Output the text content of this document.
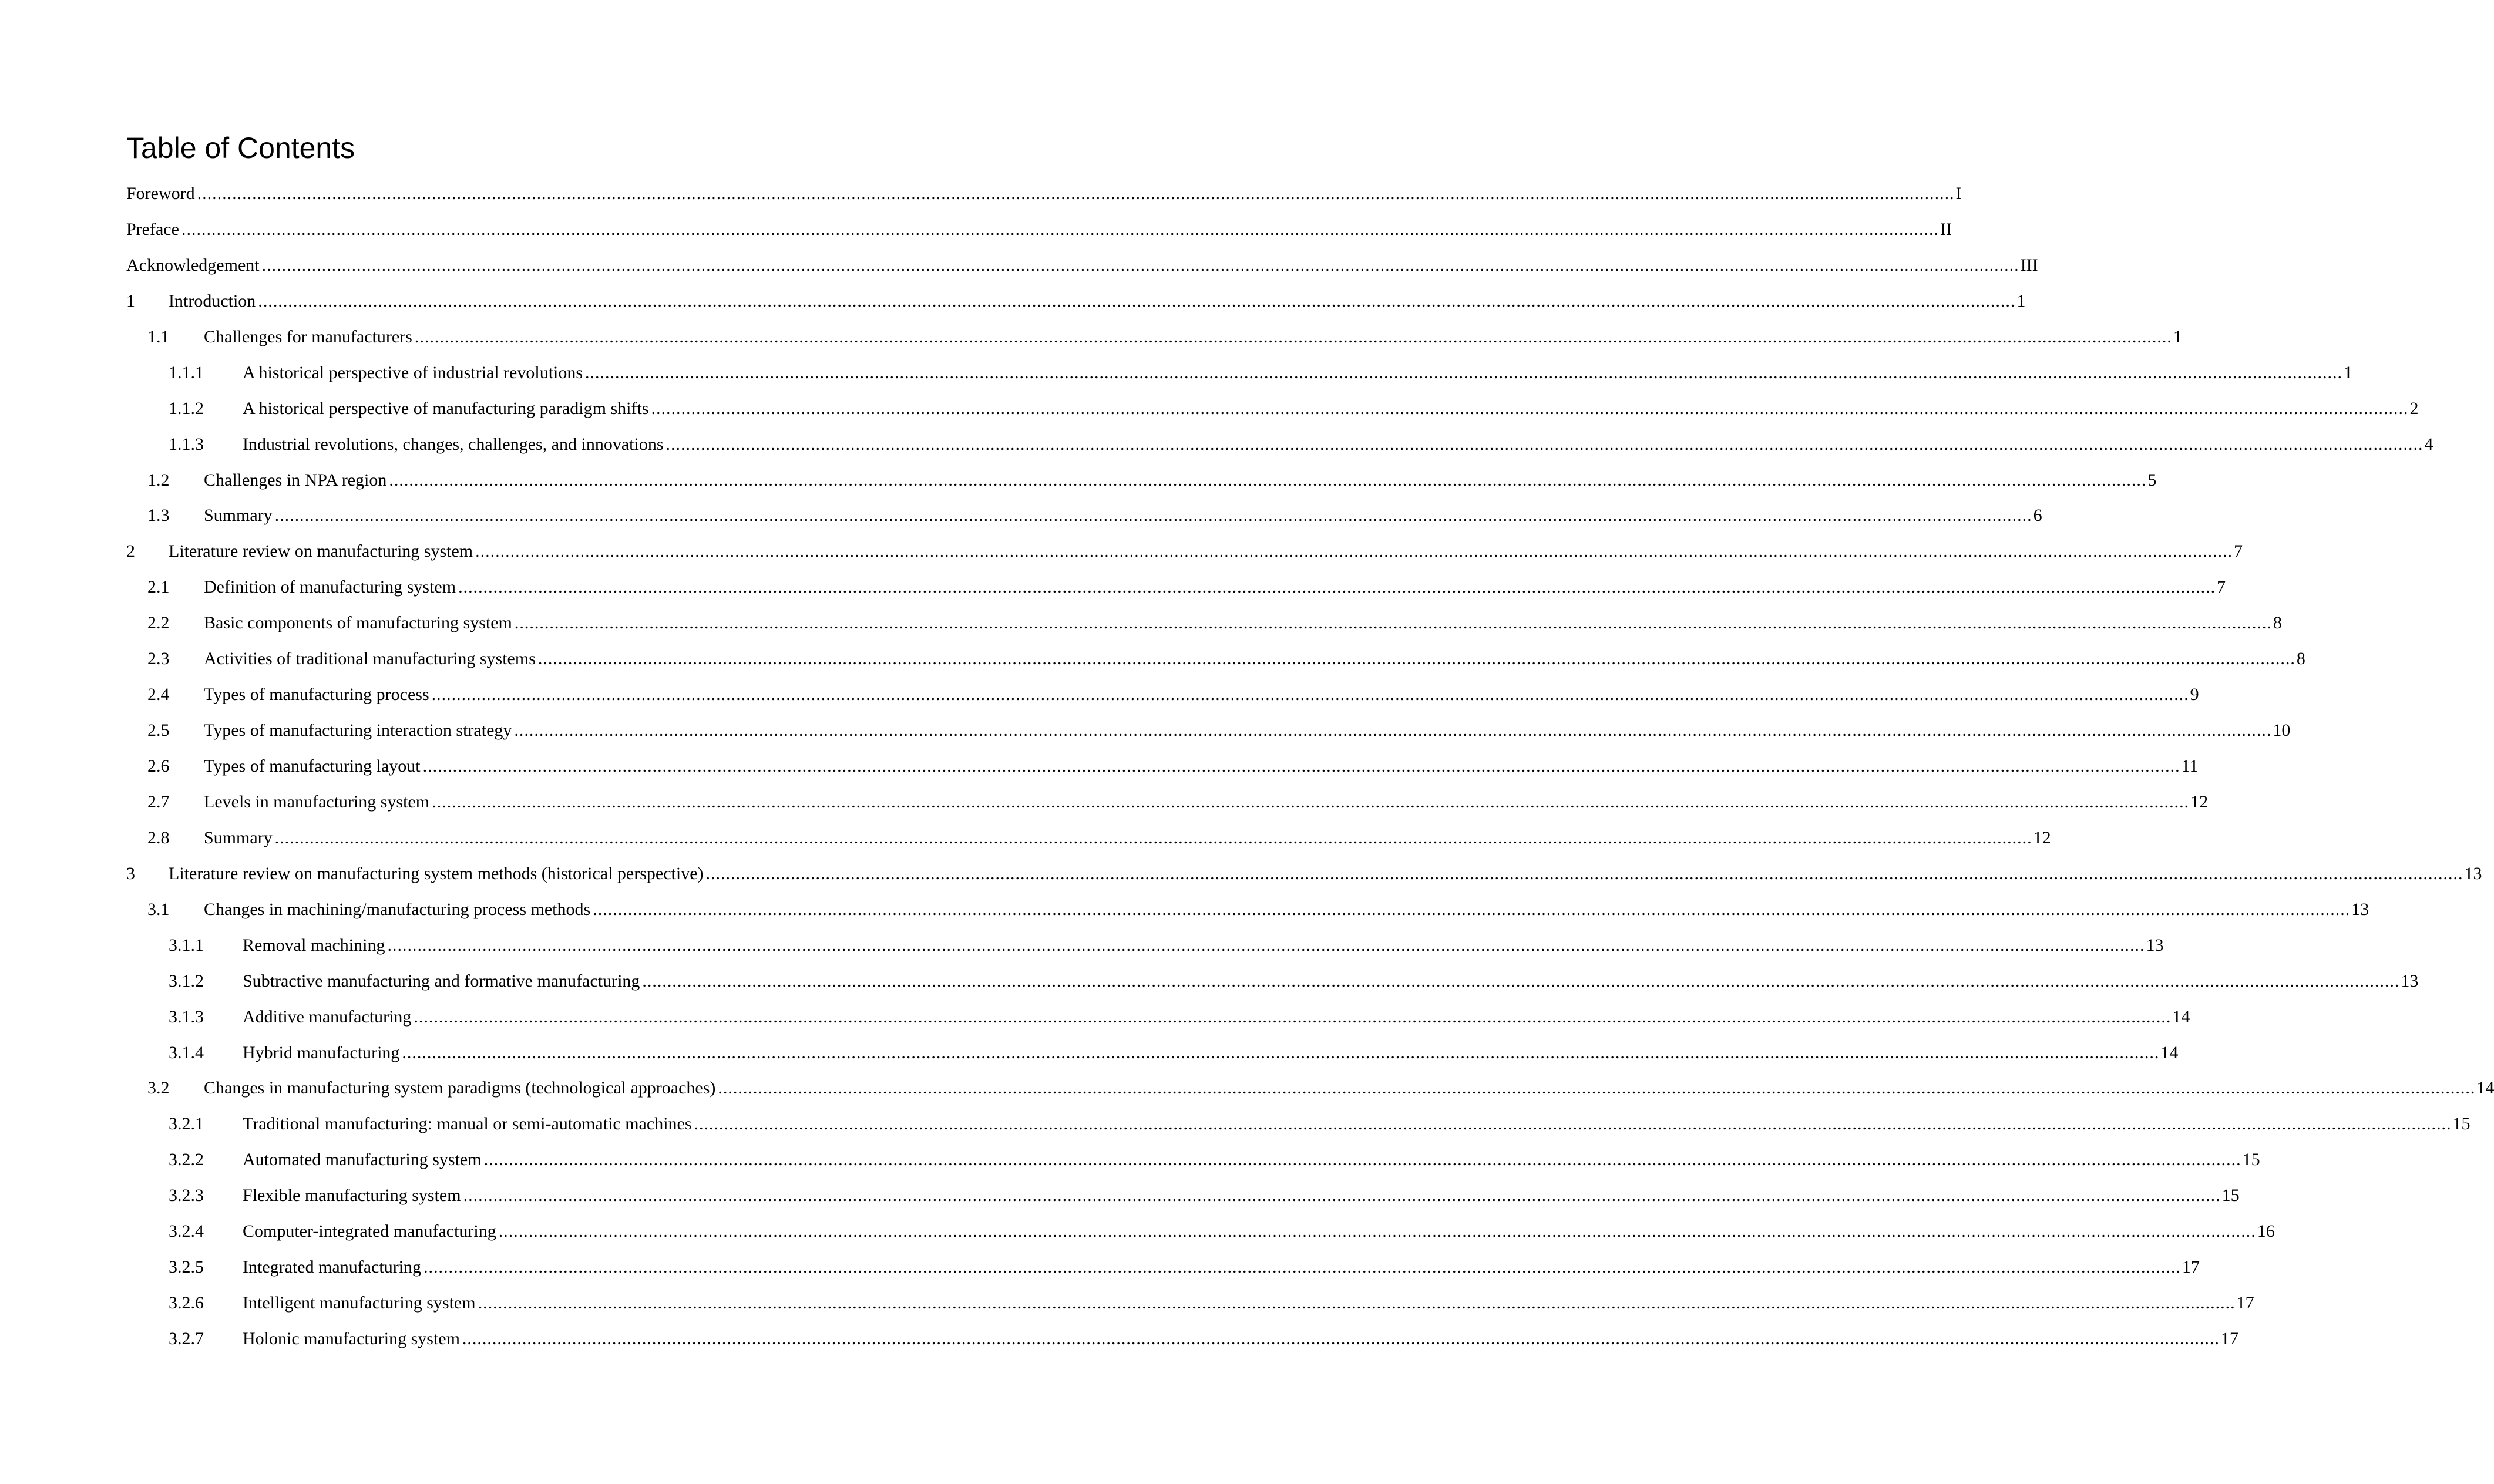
Table of Contents
Foreword .....	I
Preface .....	II
Acknowledgement .....	III
1	Introduction .....	1
1.1	Challenges for manufacturers .....	1
1.1.1	A historical perspective of industrial revolutions .....	1
1.1.2	A historical perspective of manufacturing paradigm shifts .....	2
1.1.3	Industrial revolutions, changes, challenges, and innovations .....	4
1.2	Challenges in NPA region .....	5
1.3	Summary .....	6
2	Literature review on manufacturing system .....	7
2.1	Definition of manufacturing system .....	7
2.2	Basic components of manufacturing system .....	8
2.3	Activities of traditional manufacturing systems .....	8
2.4	Types of manufacturing process .....	9
2.5	Types of manufacturing interaction strategy .....	10
2.6	Types of manufacturing layout .....	11
2.7	Levels in manufacturing system .....	12
2.8	Summary .....	12
3	Literature review on manufacturing system methods (historical perspective) .....	13
3.1	Changes in machining/manufacturing process methods .....	13
3.1.1	Removal machining .....	13
3.1.2	Subtractive manufacturing and formative manufacturing .....	13
3.1.3	Additive manufacturing .....	14
3.1.4	Hybrid manufacturing .....	14
3.2	Changes in manufacturing system paradigms (technological approaches) .....	14
3.2.1	Traditional manufacturing: manual or semi-automatic machines .....	15
3.2.2	Automated manufacturing system .....	15
3.2.3	Flexible manufacturing system .....	15
3.2.4	Computer-integrated manufacturing .....	16
3.2.5	Integrated manufacturing .....	17
3.2.6	Intelligent manufacturing system .....	17
3.2.7	Holonic manufacturing system .....	17
